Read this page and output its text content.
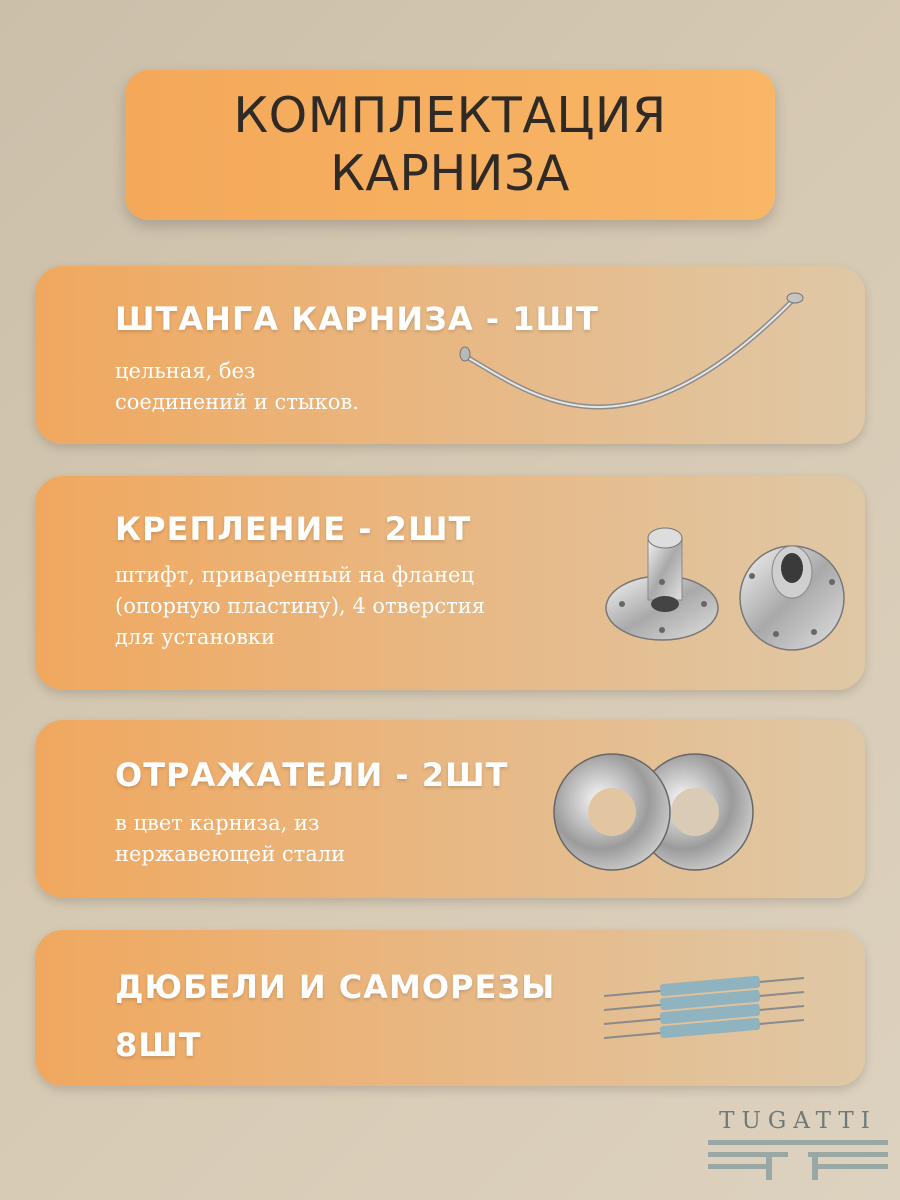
КОМПЛЕКТАЦИЯ
КАРНИЗА
ШТАНГА КАРНИЗА - 1ШТ
цельная, без
соединений и стыков.
КРЕПЛЕНИЕ - 2ШТ
штифт, приваренный на фланец
(опорную пластину), 4 отверстия
для установки
ОТРАЖАТЕЛИ - 2ШТ
в цвет карниза, из
нержавеющей стали
ДЮБЕЛИ И САМОРЕЗЫ
8ШТ
TUGATTI
